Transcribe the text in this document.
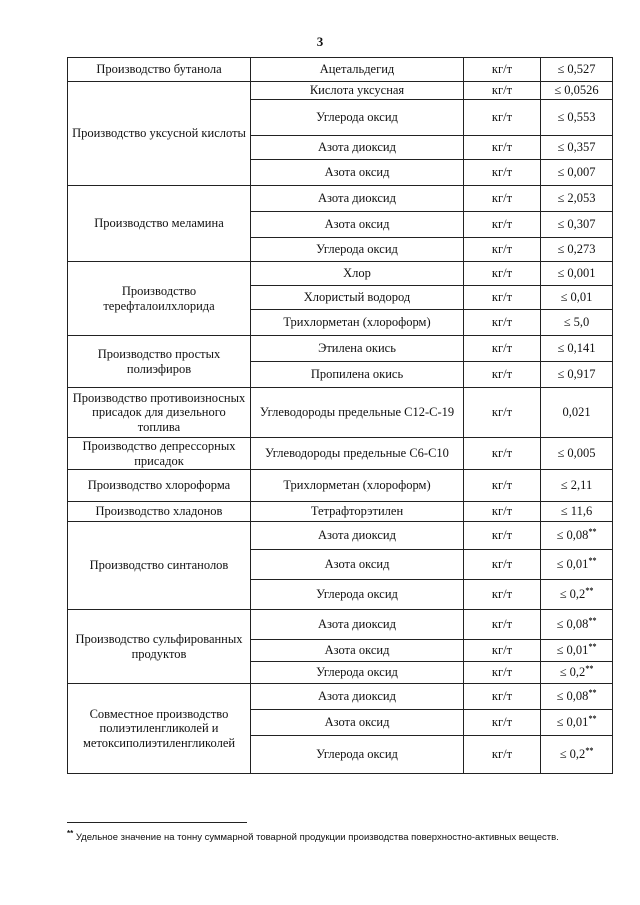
3
Производство бутанола	Ацетальдегид	кг/т	≤ 0,527
Производство уксусной кислоты	Кислота уксусная	кг/т	≤ 0,0526
	Углерода оксид	кг/т	≤ 0,553
	Азота диоксид	кг/т	≤ 0,357
	Азота оксид	кг/т	≤ 0,007
Производство меламина	Азота диоксид	кг/т	≤ 2,053
	Азота оксид	кг/т	≤ 0,307
	Углерода оксид	кг/т	≤ 0,273
Производство терефталоилхлорида	Хлор	кг/т	≤ 0,001
	Хлористый водород	кг/т	≤ 0,01
	Трихлорметан (хлороформ)	кг/т	≤ 5,0
Производство простых полиэфиров	Этилена окись	кг/т	≤ 0,141
	Пропилена окись	кг/т	≤ 0,917
Производство противоизносных присадок для дизельного топлива	Углеводороды предельные С12-С-19	кг/т	0,021
Производство депрессорных присадок	Углеводороды предельные С6-С10	кг/т	≤ 0,005
Производство хлороформа	Трихлорметан (хлороформ)	кг/т	≤ 2,11
Производство хладонов	Тетрафторэтилен	кг/т	≤ 11,6
Производство синтанолов	Азота диоксид	кг/т	≤ 0,08**
	Азота оксид	кг/т	≤ 0,01**
	Углерода оксид	кг/т	≤ 0,2**
Производство сульфированных продуктов	Азота диоксид	кг/т	≤ 0,08**
	Азота оксид	кг/т	≤ 0,01**
	Углерода оксид	кг/т	≤ 0,2**
Совместное производство полиэтиленгликолей и метоксиполиэтиленгликолей	Азота диоксид	кг/т	≤ 0,08**
	Азота оксид	кг/т	≤ 0,01**
	Углерода оксид	кг/т	≤ 0,2**
** Удельное значение на тонну суммарной товарной продукции производства поверхностно-активных веществ.
